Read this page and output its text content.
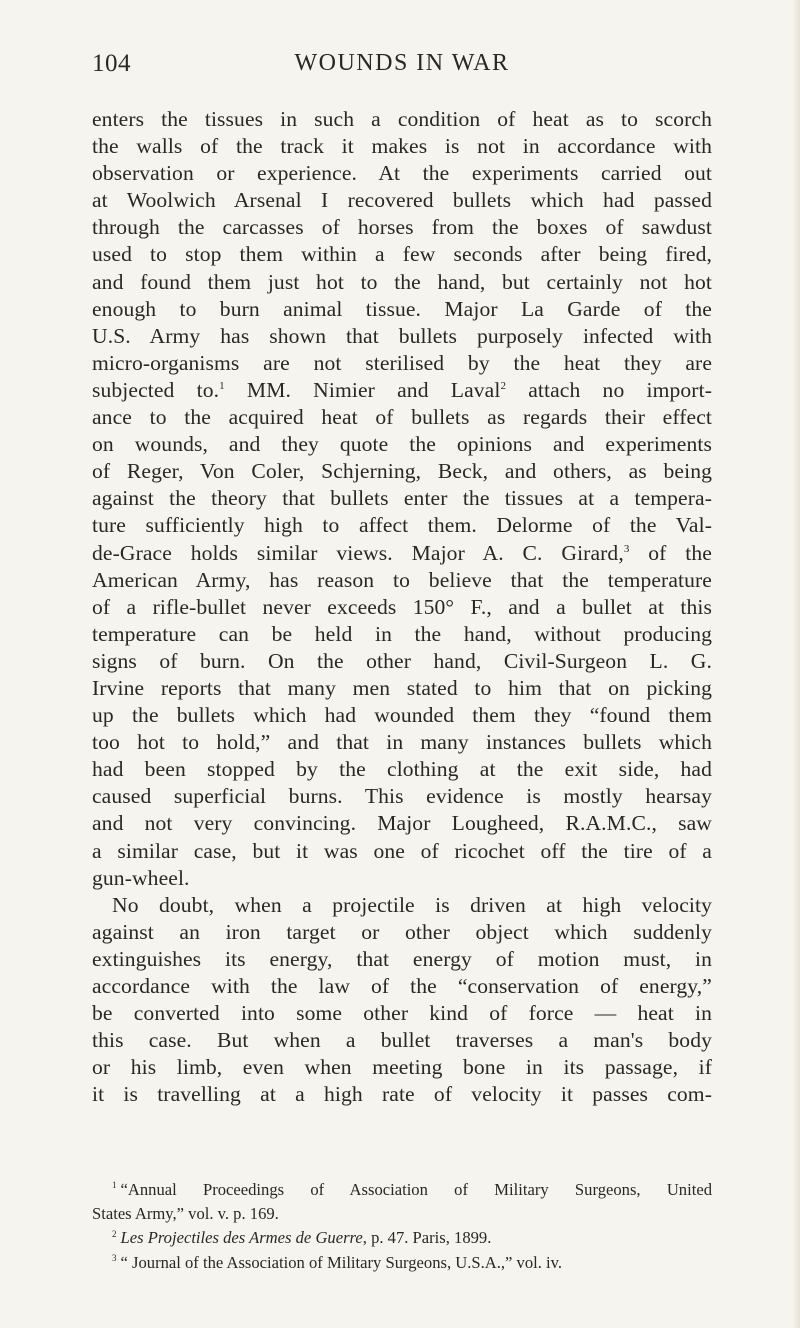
104	WOUNDS IN WAR
enters the tissues in such a condition of heat as to scorch
the walls of the track it makes is not in accordance with
observation or experience. At the experiments carried out
at Woolwich Arsenal I recovered bullets which had passed
through the carcasses of horses from the boxes of sawdust
used to stop them within a few seconds after being fired,
and found them just hot to the hand, but certainly not hot
enough to burn animal tissue. Major La Garde of the
U.S. Army has shown that bullets purposely infected with
micro-organisms are not sterilised by the heat they are
subjected to.$^1$ MM. Nimier and Laval$^2$ attach no import-
ance to the acquired heat of bullets as regards their effect
on wounds, and they quote the opinions and experiments
of Reger, Von Coler, Schjerning, Beck, and others, as being
against the theory that bullets enter the tissues at a tempera-
ture sufficiently high to affect them. Delorme of the Val-
de-Grace holds similar views. Major A. C. Girard,$^3$ of the
American Army, has reason to believe that the temperature
of a rifle-bullet never exceeds 150° F., and a bullet at this
temperature can be held in the hand, without producing
signs of burn. On the other hand, Civil-Surgeon L. G.
Irvine reports that many men stated to him that on picking
up the bullets which had wounded them they “found them
too hot to hold,” and that in many instances bullets which
had been stopped by the clothing at the exit side, had
caused superficial burns. This evidence is mostly hearsay
and not very convincing. Major Lougheed, R.A.M.C., saw
a similar case, but it was one of ricochet off the tire of a
gun-wheel.
No doubt, when a projectile is driven at high velocity
against an iron target or other object which suddenly
extinguishes its energy, that energy of motion must, in
accordance with the law of the “conservation of energy,”
be converted into some other kind of force — heat in
this case. But when a bullet traverses a man's body
or his limb, even when meeting bone in its passage, if
it is travelling at a high rate of velocity it passes com-
$^1$ “Annual Proceedings of Association of Military Surgeons, United
States Army,” vol. v. p. 169.
$^2$ Les Projectiles des Armes de Guerre, p. 47. Paris, 1899.
$^3$ “ Journal of the Association of Military Surgeons, U.S.A.,” vol. iv.
